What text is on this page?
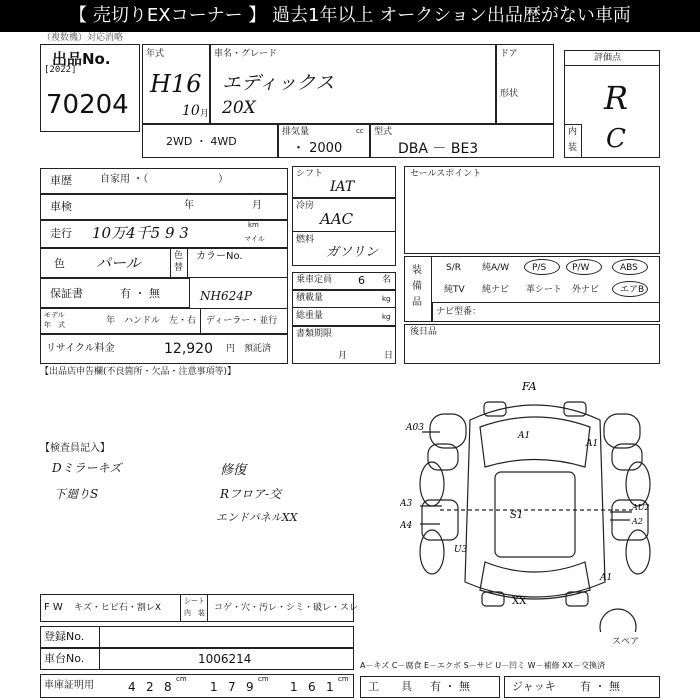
【 売切りEXコーナー 】 過去1年以上 オークション出品歴がない車両
（複数機）対応消略
出品No.
[2022]
70204
年式
H16
10 月
車名・グレード
エディックス
20X
ドア
形状
2WD ・ 4WD
排気量	cc
・ 2000
型式
DBA － BE3
評価点
R
内
装 C
車歴	自家用 ・（　　　　　　　）
車検	年	月
走行 10万4千5 9 3	km
マイル
色 パール	色
替
カラーNo.
保証書	有 ・ 無	NH624P
モデル
年　式	年 ハンドル　左・右 ディーラー・並行
リサイクル料金	12,920 円 預託済
【出品店申告欄(不良箇所・欠品・注意事項等)】
シフト
IAT
冷房
AAC
燃料
ガソリン
乗車定員 6 名
積載量	kg
総重量	kg
書類期限
月	日
セールスポイント
装
備
品
S/R 純A/W	P/S	P/W	ABS
純TV 純ナビ 革シート 外ナビ エアB
ナビ型番：
後日品
【検査員記入】
Dミラーキズ
下廻りS
修復
Rフロア-交
エンドパネルXX
FA
A1
A03
A1
A3
A4
S1
AU2
A2
U3
A1
XX
スペア
F W キズ・ヒビ石・割レX
シート
内　装 コゲ・穴・汚レ・シミ・破レ・スレ
登録No.
車台No.	1006214	A－キズ C－腐食 E－エクボ S－サビ U－凹ミ W－補修 XX－交換済
車庫証明用	4 2 8
cm
1 7 9
cm
1 6 1
cm
工　　具 有 ・ 無	ジャッキ 有 ・ 無
